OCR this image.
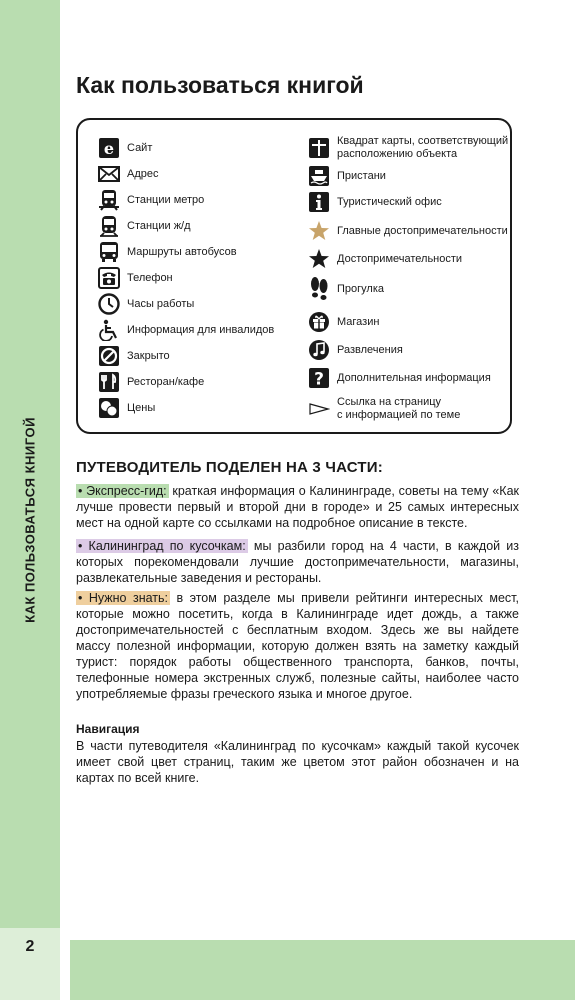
КАК ПОЛЬЗОВАТЬСЯ КНИГОЙ
2
Как пользоваться книгой
e Сайт
Адрес
Станции метро
Станции ж/д
Маршруты автобусов
Телефон
Часы работы
Информация для инвалидов
Закрыто
Ресторан/кафе
Цены
Квадрат карты, соответствующий
расположению объекта
Пристани
Туристический офис
Главные достопримечательности
Достопримечательности
Прогулка
Магазин
Развлечения
? Дополнительная информация
Ссылка на страницу
с информацией по теме
ПУТЕВОДИТЕЛЬ ПОДЕЛЕН НА 3 ЧАСТИ:

• Экспресс-гид: краткая информация о Калининграде, советы на тему «Как лучше провести первый и второй дни в городе» и 25 самых интересных мест на одной карте со ссылками на подробное описание в тексте.

• Калининград по кусочкам: мы разбили город на 4 части, в каждой из которых порекомендовали лучшие достопримечательности, магазины, развлекательные заведения и рестораны.

• Нужно знать: в этом разделе мы привели рейтинги интересных мест, которые можно посетить, когда в Калининграде идет дождь, а также достопримечательностей с бесплатным входом. Здесь же вы найдете массу полезной информации, которую должен взять на заметку каждый турист: порядок работы общественного транспорта, банков, почты, телефонные номера экстренных служб, полезные сайты, наиболее часто употребляемые фразы греческого языка и многое другое.

Навигация

В части путеводителя «Калининград по кусочкам» каждый такой кусочек имеет свой цвет страниц, таким же цветом этот район обозначен и на картах по всей книге.
